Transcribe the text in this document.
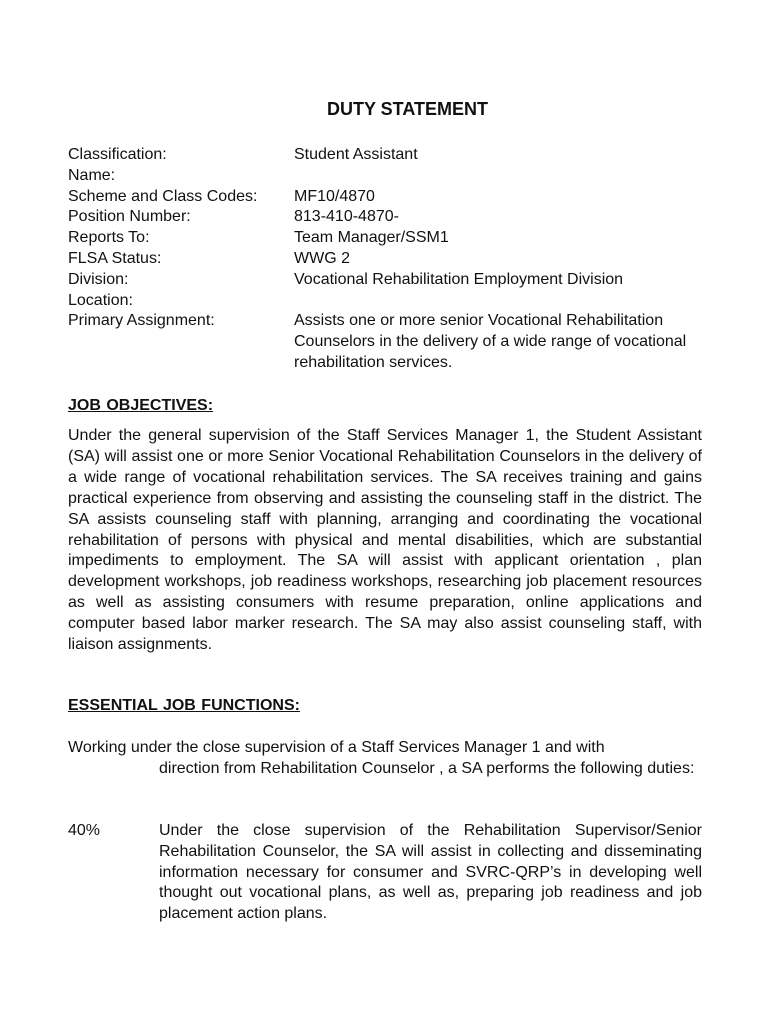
DUTY STATEMENT
Classification:	Student Assistant
Name:

Scheme and Class Codes:	MF10/4870
Position Number:	813-410-4870-
Reports To:	Team Manager/SSM1
FLSA Status:	WWG 2
Division:	Vocational Rehabilitation Employment Division
Location:

Primary Assignment:	Assists one or more senior Vocational Rehabilitation Counselors in the delivery of a wide range of vocational rehabilitation services.
JOB OBJECTIVES:
Under the general supervision of the Staff Services Manager 1, the Student Assistant (SA) will assist one or more Senior Vocational Rehabilitation Counselors in the delivery of a wide range of vocational rehabilitation services. The SA receives training and gains practical experience from observing and assisting the counseling staff in the district. The SA assists counseling staff with planning, arranging and coordinating the vocational rehabilitation of persons with physical and mental disabilities, which are substantial impediments to employment. The SA will assist with applicant orientation , plan development workshops, job readiness workshops, researching job placement resources as well as assisting consumers with resume preparation, online applications and computer based labor marker research. The SA may also assist counseling staff, with liaison assignments.
ESSENTIAL JOB FUNCTIONS:
Working under the close supervision of a Staff Services Manager 1 and with
direction from Rehabilitation Counselor , a SA performs the following duties:
40%	Under the close supervision of the Rehabilitation Supervisor/Senior Rehabilitation Counselor, the SA will assist in collecting and disseminating information necessary for consumer and SVRC-QRP’s in developing well thought out vocational plans, as well as, preparing job readiness and job placement action plans.
